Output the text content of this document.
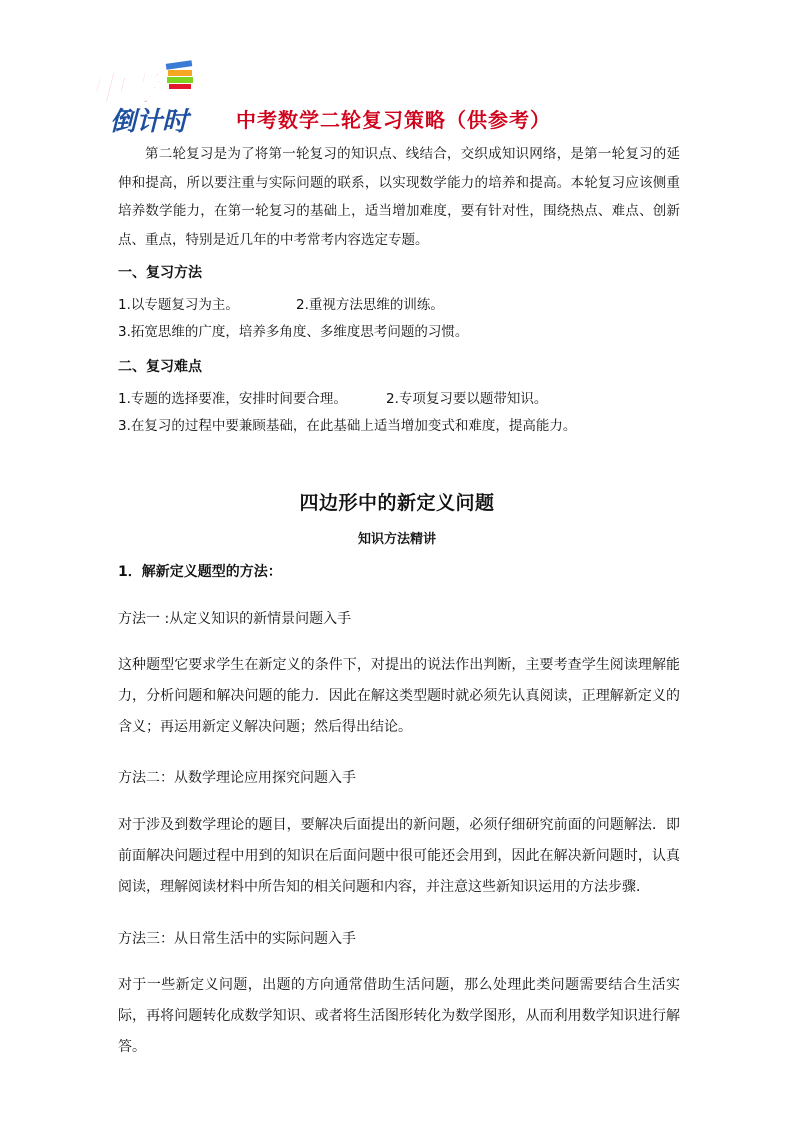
中考
倒计时 中考数学二轮复习策略（供参考）
第二轮复习是为了将第一轮复习的知识点、线结合，交织成知识网络，是第一轮复习的延伸和提高，所以要注重与实际问题的联系，以实现数学能力的培养和提高。本轮复习应该侧重培养数学能力，在第一轮复习的基础上，适当增加难度，要有针对性，围绕热点、难点、创新点、重点，特别是近几年的中考常考内容选定专题。
一、复习方法
1.以专题复习为主。	2.重视方法思维的训练。
3.拓宽思维的广度，培养多角度、多维度思考问题的习惯。
二、复习难点
1.专题的选择要准，安排时间要合理。	2.专项复习要以题带知识。
3.在复习的过程中要兼顾基础，在此基础上适当增加变式和难度，提高能力。
四边形中的新定义问题
知识方法精讲
1．解新定义题型的方法：
方法一 :从定义知识的新情景问题入手
这种题型它要求学生在新定义的条件下，对提出的说法作出判断，主要考查学生阅读理解能力，分析问题和解决问题的能力．因此在解这类型题时就必须先认真阅读，正理解新定义的含义；再运用新定义解决问题；然后得出结论。
方法二：从数学理论应用探究问题入手
对于涉及到数学理论的题目，要解决后面提出的新问题，必须仔细研究前面的问题解法．即前面解决问题过程中用到的知识在后面问题中很可能还会用到，因此在解决新问题时，认真阅读，理解阅读材料中所告知的相关问题和内容，并注意这些新知识运用的方法步骤．
方法三：从日常生活中的实际问题入手
对于一些新定义问题，出题的方向通常借助生活问题，那么处理此类问题需要结合生活实际，再将问题转化成数学知识、或者将生活图形转化为数学图形，从而利用数学知识进行解答。
